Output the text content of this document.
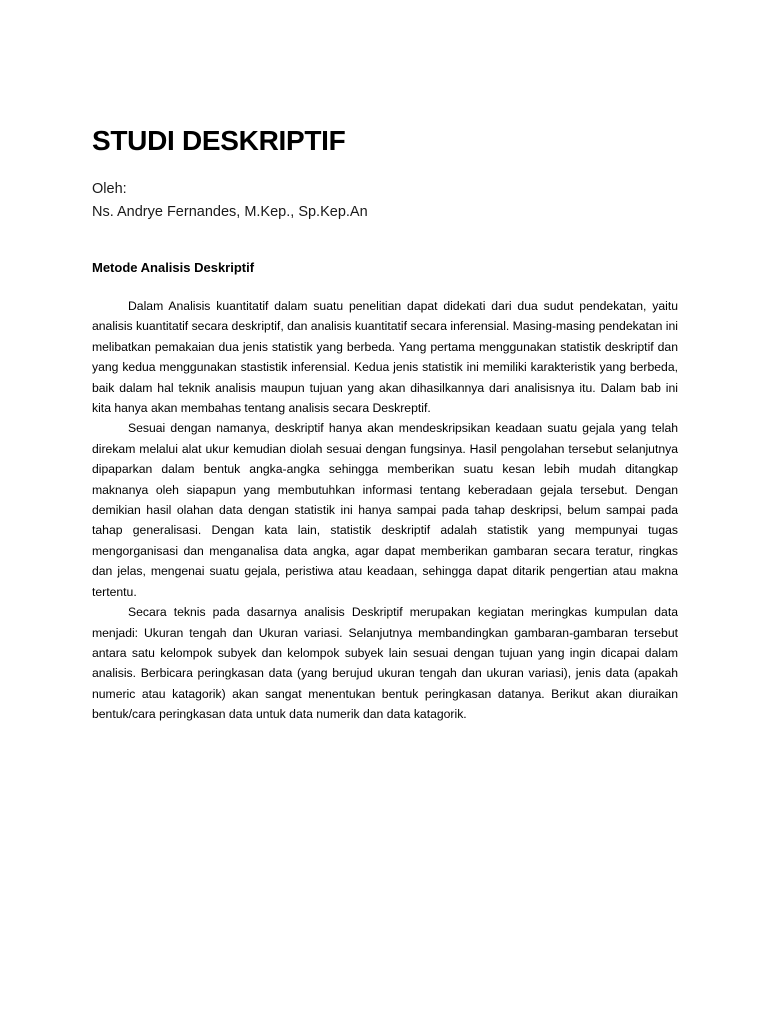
STUDI DESKRIPTIF
Oleh:
Ns. Andrye Fernandes, M.Kep., Sp.Kep.An
Metode Analisis Deskriptif

Dalam Analisis kuantitatif dalam suatu penelitian dapat didekati dari dua sudut pendekatan, yaitu analisis kuantitatif secara deskriptif, dan analisis kuantitatif secara inferensial. Masing-masing pendekatan ini melibatkan pemakaian dua jenis statistik yang berbeda. Yang pertama menggunakan statistik deskriptif dan yang kedua menggunakan stastistik inferensial. Kedua jenis statistik ini memiliki karakteristik yang berbeda, baik dalam hal teknik analisis maupun tujuan yang akan dihasilkannya dari analisisnya itu. Dalam bab ini kita hanya akan membahas tentang analisis secara Deskreptif.

Sesuai dengan namanya, deskriptif hanya akan mendeskripsikan keadaan suatu gejala yang telah direkam melalui alat ukur kemudian diolah sesuai dengan fungsinya. Hasil pengolahan tersebut selanjutnya dipaparkan dalam bentuk angka-angka sehingga memberikan suatu kesan lebih mudah ditangkap maknanya oleh siapapun yang membutuhkan informasi tentang keberadaan gejala tersebut. Dengan demikian hasil olahan data dengan statistik ini hanya sampai pada tahap deskripsi, belum sampai pada tahap generalisasi. Dengan kata lain, statistik deskriptif adalah statistik yang mempunyai tugas mengorganisasi dan menganalisa data angka, agar dapat memberikan gambaran secara teratur, ringkas dan jelas, mengenai suatu gejala, peristiwa atau keadaan, sehingga dapat ditarik pengertian atau makna tertentu.

Secara teknis pada dasarnya analisis Deskriptif merupakan kegiatan meringkas kumpulan data menjadi: Ukuran tengah dan Ukuran variasi. Selanjutnya membandingkan gambaran-gambaran tersebut antara satu kelompok subyek dan kelompok subyek lain sesuai dengan tujuan yang ingin dicapai dalam analisis. Berbicara peringkasan data (yang berujud ukuran tengah dan ukuran variasi), jenis data (apakah numeric atau katagorik) akan sangat menentukan bentuk peringkasan datanya. Berikut akan diuraikan bentuk/cara peringkasan data untuk data numerik dan data katagorik.
